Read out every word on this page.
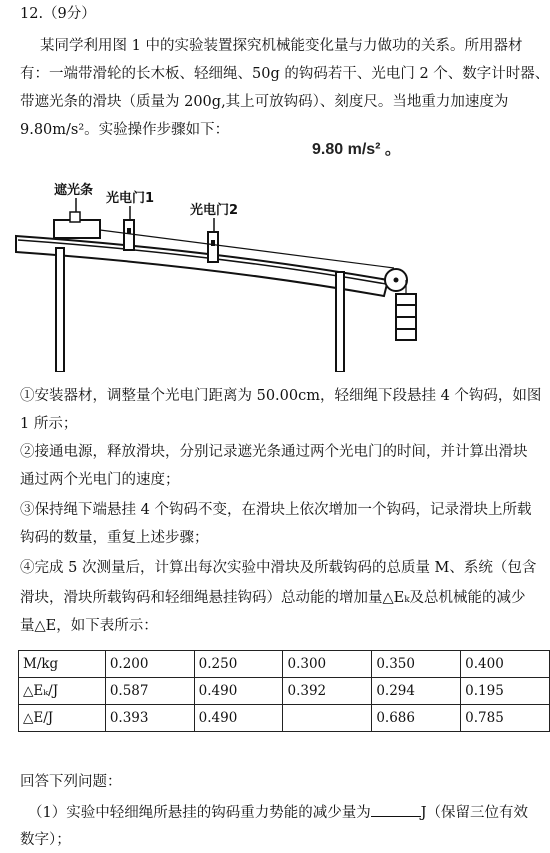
12.（9分）
某同学利用图 1 中的实验装置探究机械能变化量与力做功的关系。所用器材
有：一端带滑轮的长木板、轻细绳、50g 的钩码若干、光电门 2 个、数字计时器、
带遮光条的滑块（质量为 200g,其上可放钩码）、刻度尺。当地重力加速度为
9.80m/s²。实验操作步骤如下：
9.80 m/s² 。
遮光条
光电门1
光电门2
①安装器材，调整量个光电门距离为 50.00cm，轻细绳下段悬挂 4 个钩码，如图
1 所示；
②接通电源，释放滑块，分别记录遮光条通过两个光电门的时间，并计算出滑块
通过两个光电门的速度；
③保持绳下端悬挂 4 个钩码不变，在滑块上依次增加一个钩码，记录滑块上所载
钩码的数量，重复上述步骤；
④完成 5 次测量后，计算出每次实验中滑块及所载钩码的总质量 M、系统（包含
滑块，滑块所载钩码和轻细绳悬挂钩码）总动能的增加量△Eₖ及总机械能的减少
量△E，如下表所示：
M/kg	0.200	0.250	0.300	0.350	0.400
△Eₖ/J	0.587	0.490	0.392	0.294	0.195
△E/J	0.393	0.490		0.686	0.785
回答下列问题：
（1）实验中轻细绳所悬挂的钩码重力势能的减少量为	J（保留三位有效
数字）；
